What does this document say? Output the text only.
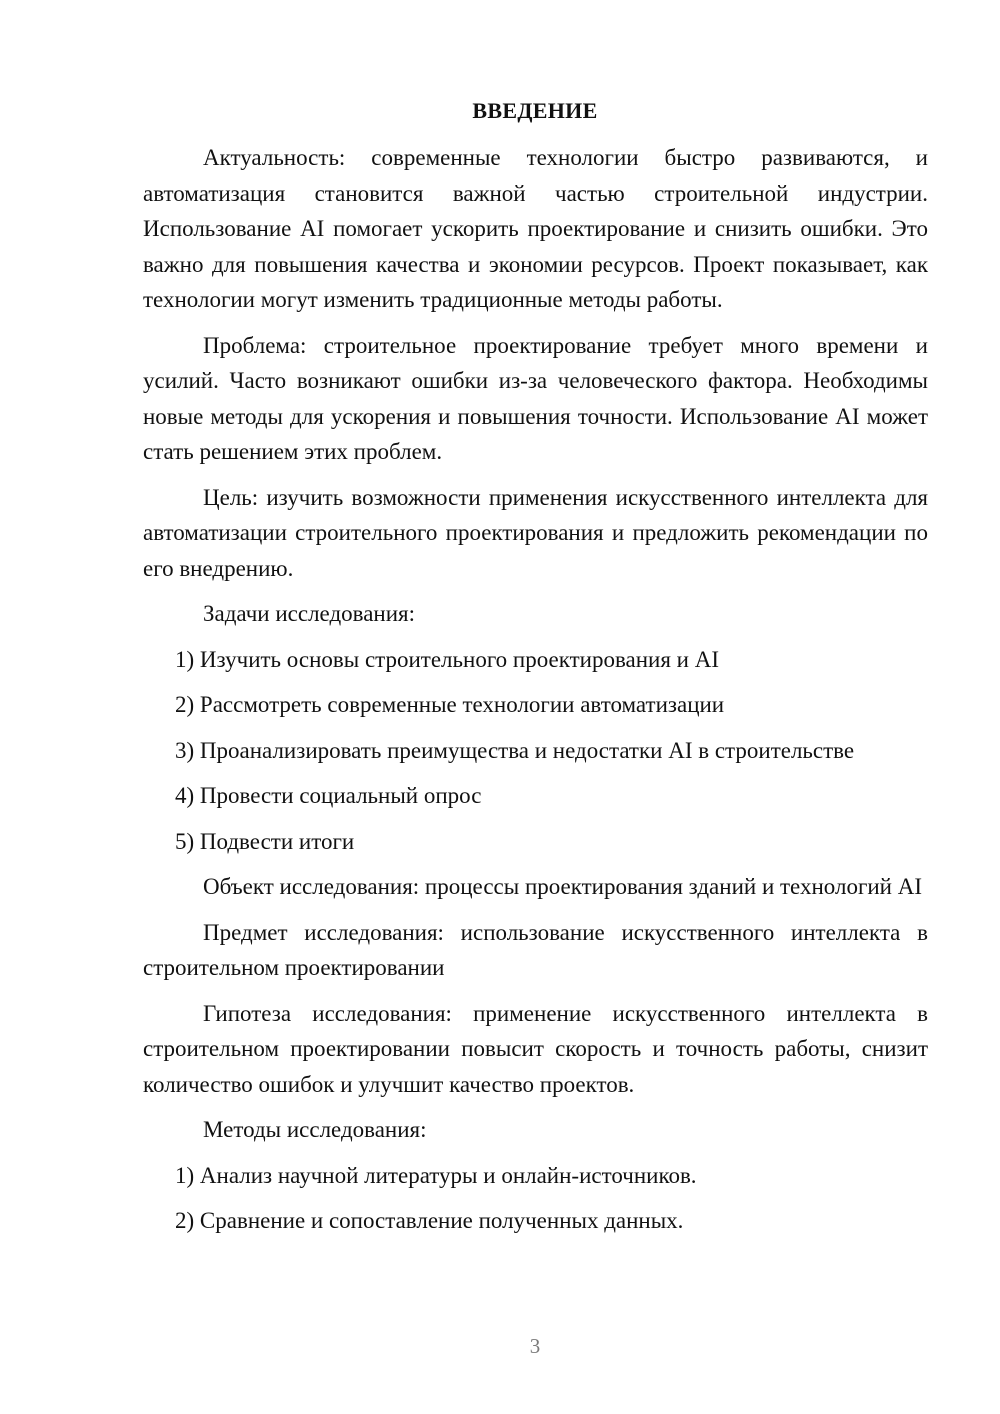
ВВЕДЕНИЕ

Актуальность: современные технологии быстро развиваются, и автоматизация становится важной частью строительной индустрии. Использование AI помогает ускорить проектирование и снизить ошибки. Это важно для повышения качества и экономии ресурсов. Проект показывает, как технологии могут изменить традиционные методы работы.

Проблема: строительное проектирование требует много времени и усилий. Часто возникают ошибки из-за человеческого фактора. Необходимы новые методы для ускорения и повышения точности. Использование AI может стать решением этих проблем.

Цель: изучить возможности применения искусственного интеллекта для автоматизации строительного проектирования и предложить рекомендации по его внедрению.

Задачи исследования:

1) Изучить основы строительного проектирования и AI

2) Рассмотреть современные технологии автоматизации

3) Проанализировать преимущества и недостатки AI в строительстве

4) Провести социальный опрос

5) Подвести итоги

Объект исследования: процессы проектирования зданий и технологий AI

Предмет исследования: использование искусственного интеллекта в строительном проектировании

Гипотеза исследования: применение искусственного интеллекта в строительном проектировании повысит скорость и точность работы, снизит количество ошибок и улучшит качество проектов.

Методы исследования:

1) Анализ научной литературы и онлайн-источников.

2) Сравнение и сопоставление полученных данных.

3
